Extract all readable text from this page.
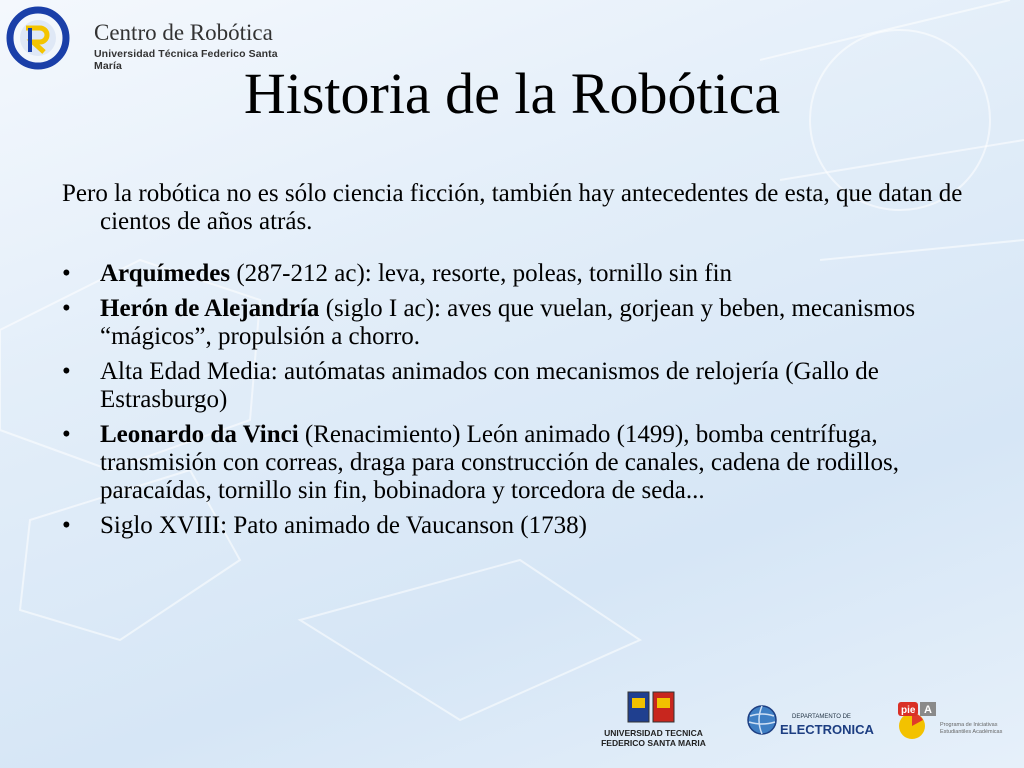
Centro de Robótica
Universidad Técnica Federico Santa María	Historia de la Robótica

Pero la robótica no es sólo ciencia ficción, también hay antecedentes de esta, que datan de cientos de años atrás.

• Arquímedes (287-212 ac): leva, resorte, poleas, tornillo sin fin
• Herón de Alejandría (siglo I ac): aves que vuelan, gorjean y beben, mecanismos “mágicos”, propulsión a chorro.
• Alta Edad Media: autómatas animados con mecanismos de relojería (Gallo de Estrasburgo)
• Leonardo da Vinci (Renacimiento) León animado (1499), bomba centrífuga, transmisión con correas, draga para construcción de canales, cadena de rodillos, paracaídas, tornillo sin fin, bobinadora y torcedora de seda...
• Siglo XVIII: Pato animado de Vaucanson (1738)
UNIVERSIDAD TECNICA
FEDERICO SANTA MARIA
DEPARTAMENTO DE
ELECTRONICA
pie A
Programa de Iniciativas Estudiantiles Académicas
